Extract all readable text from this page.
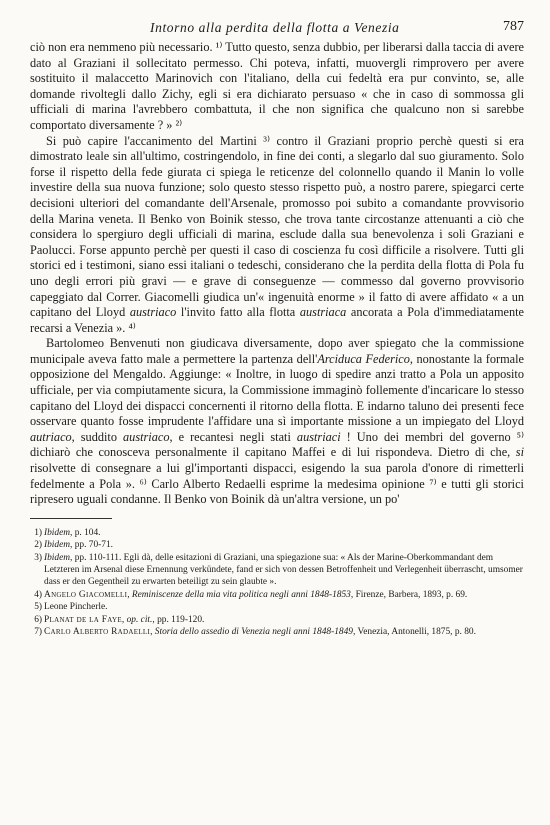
Intorno alla perdita della flotta a Venezia	787

ciò non era nemmeno più necessario. ¹⁾ Tutto questo, senza dubbio, per liberarsi dalla taccia di avere dato al Graziani il sollecitato permesso. Chi poteva, infatti, muovergli rimprovero per avere sostituito il malaccetto Marinovich con l'italiano, della cui fedeltà era pur convinto, se, alle domande rivoltegli dallo Zichy, egli si era dichiarato persuaso « che in caso di sommossa gli ufficiali di marina l'avrebbero combattuta, il che non significa che qualcuno non si sarebbe comportato diversamente ? » ²⁾

Si può capire l'accanimento del Martini ³⁾ contro il Graziani proprio perchè questi si era dimostrato leale sin all'ultimo, costringendolo, in fine dei conti, a slegarlo dal suo giuramento. Solo forse il rispetto della fede giurata ci spiega le reticenze del colonnello quando il Manin lo volle investire della sua nuova funzione; solo questo stesso rispetto può, a nostro parere, spiegarci certe decisioni ulteriori del comandante dell'Arsenale, promosso poi subito a comandante provvisorio della Marina veneta. Il Benko von Boinik stesso, che trova tante circostanze attenuanti a ciò che considera lo spergiuro degli ufficiali di marina, esclude dalla sua benevolenza i soli Graziani e Paolucci. Forse appunto perchè per questi il caso di coscienza fu così difficile a risolvere. Tutti gli storici ed i testimoni, siano essi italiani o tedeschi, considerano che la perdita della flotta di Pola fu uno degli errori più gravi — e grave di conseguenze — commesso dal governo provvisorio capeggiato dal Correr. Giacomelli giudica un'« ingenuità enorme » il fatto di avere affidato « a un capitano del Lloyd austriaco l'invito fatto alla flotta austriaca ancorata a Pola d'immediatamente recarsi a Venezia ». ⁴⁾

Bartolomeo Benvenuti non giudicava diversamente, dopo aver spiegato che la commissione municipale aveva fatto male a permettere la partenza dell'Arciduca Federico, nonostante la formale opposizione del Mengaldo. Aggiunge: « Inoltre, in luogo di spedire anzi tratto a Pola un apposito ufficiale, per via compiutamente sicura, la Commissione immaginò follemente d'incaricare lo stesso capitano del Lloyd dei dispacci concernenti il ritorno della flotta. E indarno taluno dei presenti fece osservare quanto fosse imprudente l'affidare una sì importante missione a un impiegato del Lloyd autriaco, suddito austriaco, e recantesi negli stati austriaci ! Uno dei membri del governo ⁵⁾ dichiarò che conosceva personalmente il capitano Maffei e di lui rispondeva. Dietro di che, si risolvette di consegnare a lui gl'importanti dispacci, esigendo la sua parola d'onore di rimetterli fedelmente a Pola ». ⁶⁾ Carlo Alberto Redaelli esprime la medesima opinione ⁷⁾ e tutti gli storici ripresero uguali condanne. Il Benko von Boinik dà un'altra versione, un po'

1) Ibidem, p. 104.

2) Ibidem, pp. 70-71.

3) Ibidem, pp. 110-111. Egli dà, delle esitazioni di Graziani, una spiegazione sua: « Als der Marine-Oberkommandant dem Letzteren im Arsenal diese Ernennung verkündete, fand er sich von dessen Betroffenheit und Verlegenheit überrascht, umsomer dass er den Gegentheil zu erwarten beteiligt zu sein glaubte ».

4) Angelo Giacomelli, Reminiscenze della mia vita politica negli anni 1848-1853, Firenze, Barbera, 1893, p. 69.

5) Leone Pincherle.

6) Planat de la Faye, op. cit., pp. 119-120.

7) Carlo Alberto Radaelli, Storia dello assedio di Venezia negli anni 1848-1849, Venezia, Antonelli, 1875, p. 80.
